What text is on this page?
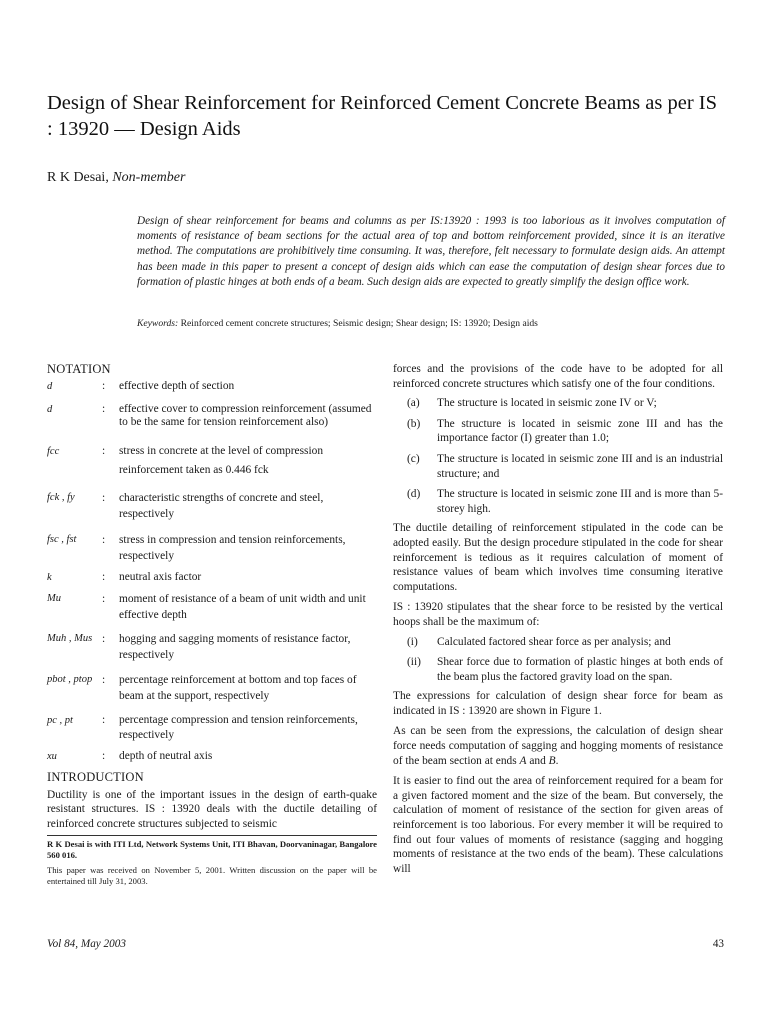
Design of Shear Reinforcement for Reinforced Cement Concrete Beams as per IS : 13920 — Design Aids
R K Desai, Non-member

Design of shear reinforcement for beams and columns as per IS:13920 : 1993 is too laborious as it involves computation of moments of resistance of beam sections for the actual area of top and bottom reinforcement provided, since it is an iterative method. The computations are prohibitively time consuming. It was, therefore, felt necessary to formulate design aids. An attempt has been made in this paper to present a concept of design aids which can ease the computation of design shear forces due to formation of plastic hinges at both ends of a beam. Such design aids are expected to greatly simplify the design office work.

Keywords: Reinforced cement concrete structures; Seismic design; Shear design; IS: 13920; Design aids
NOTATION
d	:	effective depth of section
d	:	effective cover to compression reinforcement (assumed to be the same for tension reinforcement also)
fcc	:	stress in concrete at the level of compression reinforcement taken as 0.446 fck
fck , fy	:	characteristic strengths of concrete and steel, respectively
fsc , fst	:	stress in compression and tension reinforcements, respectively
k	:	neutral axis factor
Mu	:	moment of resistance of a beam of unit width and unit effective depth
Muh , Mus :	hogging and sagging moments of resistance factor, respectively
pbot , ptop :	percentage reinforcement at bottom and top faces of beam at the support, respectively
pc , pt	:	percentage compression and tension reinforcements, respectively
xu	:	depth of neutral axis
INTRODUCTION

Ductility is one of the important issues in the design of earth-quake resistant structures. IS : 13920 deals with the ductile detailing of reinforced concrete structures subjected to seismic

R K Desai is with ITI Ltd, Network Systems Unit, ITI Bhavan, Doorvaninagar, Bangalore 560 016.

This paper was received on November 5, 2001. Written discussion on the paper will be entertained till July 31, 2003.

forces and the provisions of the code have to be adopted for all reinforced concrete structures which satisfy one of the four conditions.

(a)	The structure is located in seismic zone IV or V;
(b)	The structure is located in seismic zone III and has the importance factor (I) greater than 1.0;
(c)	The structure is located in seismic zone III and is an industrial structure; and
(d)	The structure is located in seismic zone III and is more than 5-storey high.

The ductile detailing of reinforcement stipulated in the code can be adopted easily. But the design procedure stipulated in the code for shear reinforcement is tedious as it requires calculation of moment of resistance values of beam which involves time consuming iterative computations.

IS : 13920 stipulates that the shear force to be resisted by the vertical hoops shall be the maximum of:

(i)	Calculated factored shear force as per analysis; and
(ii)	Shear force due to formation of plastic hinges at both ends of the beam plus the factored gravity load on the span.

The expressions for calculation of design shear force for beam as indicated in IS : 13920 are shown in Figure 1.

As can be seen from the expressions, the calculation of design shear force needs computation of sagging and hogging moments of resistance of the beam section at ends A and B.

It is easier to find out the area of reinforcement required for a beam for a given factored moment and the size of the beam. But conversely, the calculation of moment of resistance of the section for given areas of reinforcement is too laborious. For every member it will be required to find out four values of moments of resistance (sagging and hogging moments of resistance at the two ends of the beam). These calculations will

Vol 84, May 2003	43
